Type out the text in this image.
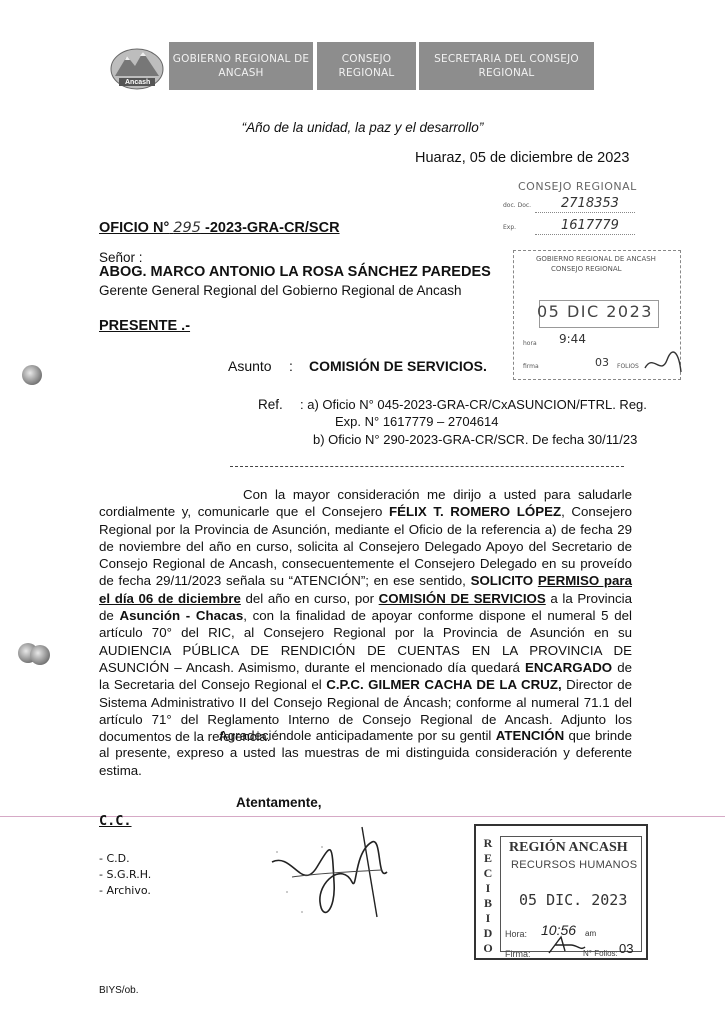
Ancash
GOBIERNO REGIONAL DE
ANCASH
CONSEJO REGIONAL
SECRETARIA DEL CONSEJO REGIONAL
“Año de la unidad, la paz y el desarrollo”
Huaraz, 05 de diciembre de 2023
CONSEJO REGIONAL
doc. Doc. 2718353
Exp.	1617779
GOBIERNO REGIONAL DE ANCASH
CONSEJO REGIONAL
05 DIC 2023
hora 9:44
firma	03 FOLIOS
OFICIO N° 295 -2023-GRA-CR/SCR
Señor :
ABOG. MARCO ANTONIO LA ROSA SÁNCHEZ PAREDES
Gerente General Regional del Gobierno Regional de Ancash
PRESENTE .-
Asunto : COMISIÓN DE SERVICIOS.
Ref. : a) Oficio N° 045-2023-GRA-CR/CxASUNCION/FTRL. Reg.
Exp. N° 1617779 – 2704614
b) Oficio N° 290-2023-GRA-CR/SCR. De fecha 30/11/23
Con la mayor consideración me dirijo a usted para saludarle cordialmente y, comunicarle que el Consejero FÉLIX T. ROMERO LÓPEZ, Consejero Regional por la Provincia de Asunción, mediante el Oficio de la referencia a) de fecha 29 de noviembre del año en curso, solicita al Consejero Delegado Apoyo del Secretario de Consejo Regional de Ancash, consecuentemente el Consejero Delegado en su proveído de fecha 29/11/2023 señala su “ATENCIÓN”; en ese sentido, SOLICITO PERMISO para el día 06 de diciembre del año en curso, por COMISIÓN DE SERVICIOS a la Provincia de Asunción - Chacas, con la finalidad de apoyar conforme dispone el numeral 5 del artículo 70° del RIC, al Consejero Regional por la Provincia de Asunción en su AUDIENCIA PÚBLICA DE RENDICIÓN DE CUENTAS EN LA PROVINCIA DE ASUNCIÓN – Ancash. Asimismo, durante el mencionado día quedará ENCARGADO de la Secretaria del Consejo Regional el C.P.C. GILMER CACHA DE LA CRUZ, Director de Sistema Administrativo II del Consejo Regional de Áncash; conforme al numeral 71.1 del artículo 71° del Reglamento Interno de Consejo Regional de Ancash. Adjunto los documentos de la referencia.
Agradeciéndole anticipadamente por su gentil ATENCIÓN que brinde al presente, expreso a usted las muestras de mi distinguida consideración y deferente estima.
Atentamente,
C.C.
- C.D.
- S.G.R.H.
- Archivo.
R
E
C
I
B
I
D
O
REGIÓN ANCASH
RECURSOS HUMANOS
05 DIC. 2023
Hora: 10:56 am
Firma:	N° Folios: 03
BIYS/ob.
